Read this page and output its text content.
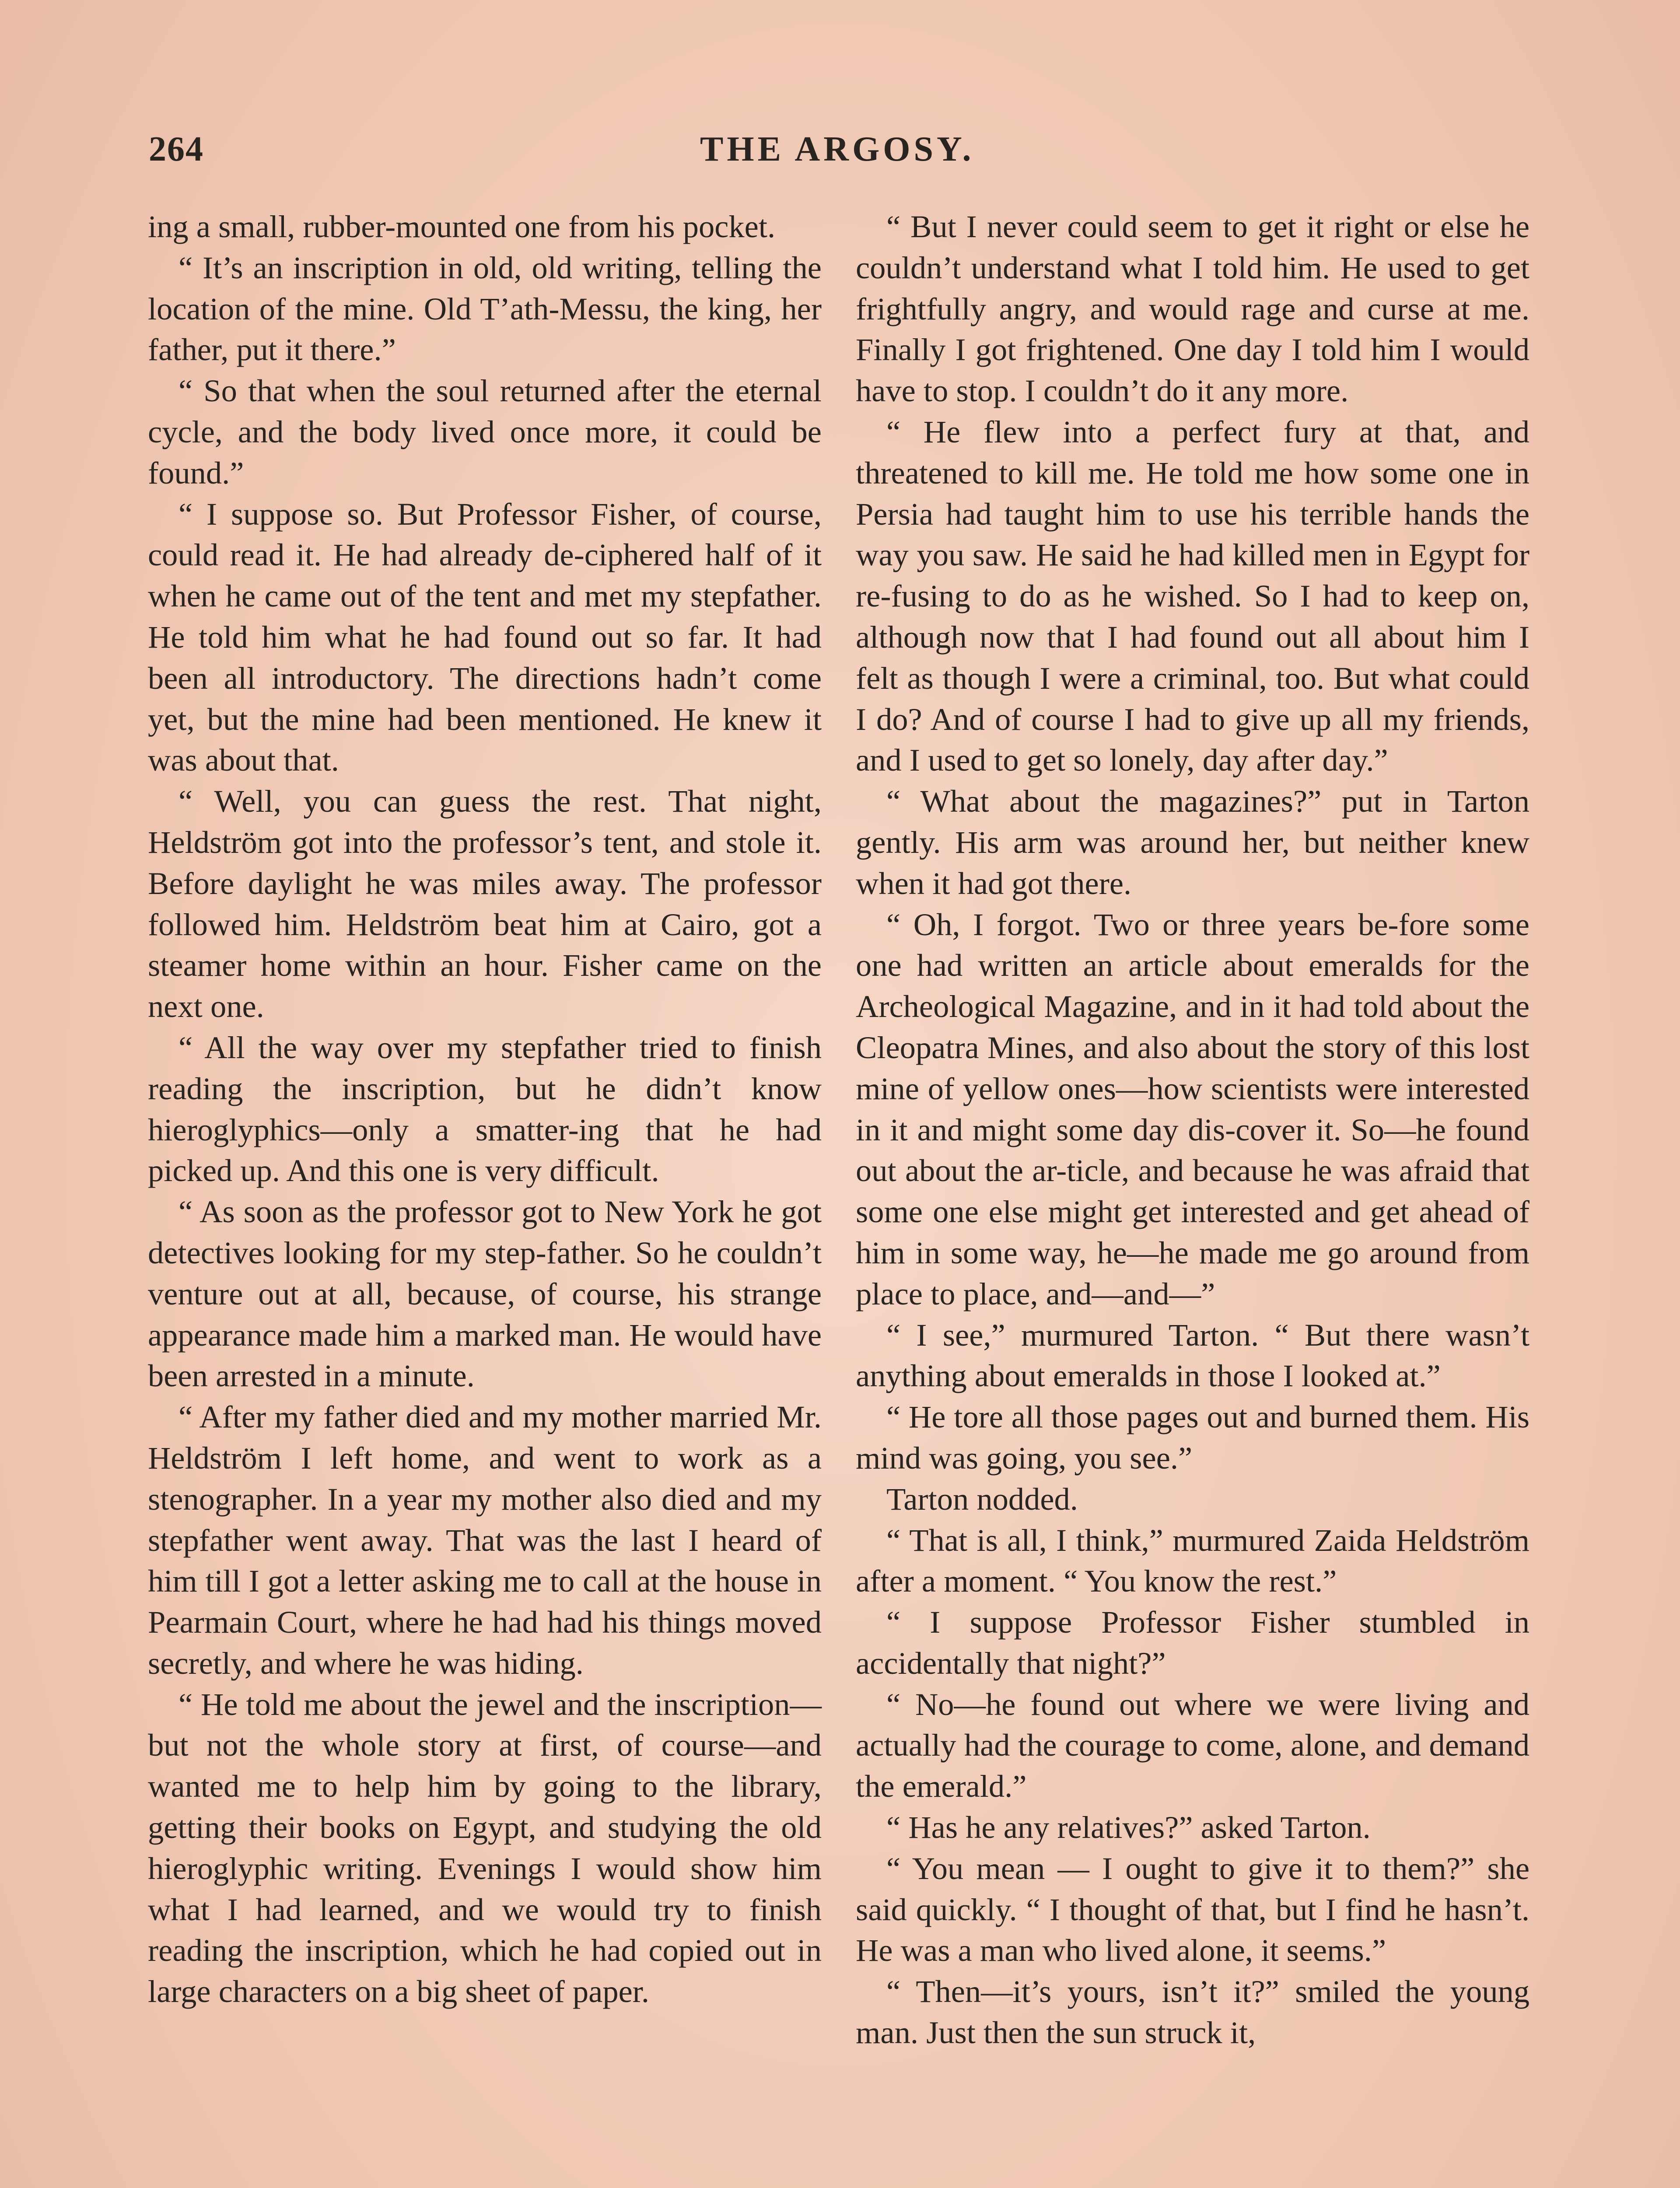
264	THE ARGOSY.

ing a small, rubber-mounted one from his pocket.

“ It’s an inscription in old, old writing, telling the location of the mine. Old T’ath-Messu, the king, her father, put it there.”

“ So that when the soul returned after the eternal cycle, and the body lived once more, it could be found.”

“ I suppose so. But Professor Fisher, of course, could read it. He had already de-ciphered half of it when he came out of the tent and met my stepfather. He told him what he had found out so far. It had been all introductory. The directions hadn’t come yet, but the mine had been mentioned. He knew it was about that.

“ Well, you can guess the rest. That night, Heldström got into the professor’s tent, and stole it. Before daylight he was miles away. The professor followed him. Heldström beat him at Cairo, got a steamer home within an hour. Fisher came on the next one.

“ All the way over my stepfather tried to finish reading the inscription, but he didn’t know hieroglyphics—only a smatter-ing that he had picked up. And this one is very difficult.

“ As soon as the professor got to New York he got detectives looking for my step-father. So he couldn’t venture out at all, because, of course, his strange appearance made him a marked man. He would have been arrested in a minute.

“ After my father died and my mother married Mr. Heldström I left home, and went to work as a stenographer. In a year my mother also died and my stepfather went away. That was the last I heard of him till I got a letter asking me to call at the house in Pearmain Court, where he had had his things moved secretly, and where he was hiding.

“ He told me about the jewel and the inscription—but not the whole story at first, of course—and wanted me to help him by going to the library, getting their books on Egypt, and studying the old hieroglyphic writing. Evenings I would show him what I had learned, and we would try to finish reading the inscription, which he had copied out in large characters on a big sheet of paper.

“ But I never could seem to get it right or else he couldn’t understand what I told him. He used to get frightfully angry, and would rage and curse at me. Finally I got frightened. One day I told him I would have to stop. I couldn’t do it any more.

“ He flew into a perfect fury at that, and threatened to kill me. He told me how some one in Persia had taught him to use his terrible hands the way you saw. He said he had killed men in Egypt for re-fusing to do as he wished. So I had to keep on, although now that I had found out all about him I felt as though I were a criminal, too. But what could I do? And of course I had to give up all my friends, and I used to get so lonely, day after day.”

“ What about the magazines?” put in Tarton gently. His arm was around her, but neither knew when it had got there.

“ Oh, I forgot. Two or three years be-fore some one had written an article about emeralds for the Archeological Magazine, and in it had told about the Cleopatra Mines, and also about the story of this lost mine of yellow ones—how scientists were interested in it and might some day dis-cover it. So—he found out about the ar-ticle, and because he was afraid that some one else might get interested and get ahead of him in some way, he—he made me go around from place to place, and—and—”

“ I see,” murmured Tarton. “ But there wasn’t anything about emeralds in those I looked at.”

“ He tore all those pages out and burned them. His mind was going, you see.”

Tarton nodded.

“ That is all, I think,” murmured Zaida Heldström after a moment. “ You know the rest.”

“ I suppose Professor Fisher stumbled in accidentally that night?”

“ No—he found out where we were living and actually had the courage to come, alone, and demand the emerald.”

“ Has he any relatives?” asked Tarton.

“ You mean — I ought to give it to them?” she said quickly. “ I thought of that, but I find he hasn’t. He was a man who lived alone, it seems.”

“ Then—it’s yours, isn’t it?” smiled the young man. Just then the sun struck it,
